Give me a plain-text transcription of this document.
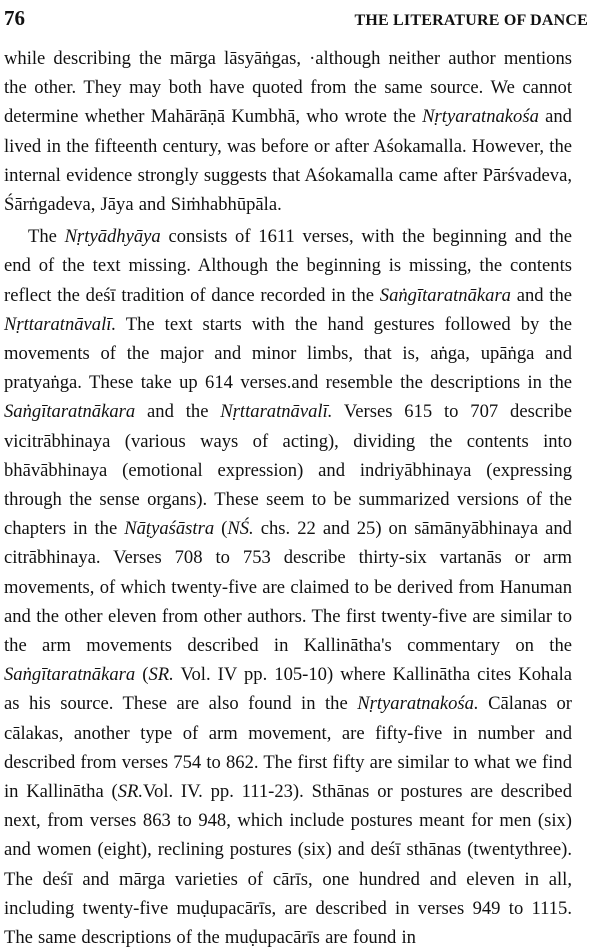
76	THE LITERATURE OF DANCE

while describing the mārga lāsyāṅgas, ·although neither author mentions the other. They may both have quoted from the same source. We cannot determine whether Mahārāṇā Kumbhā, who wrote the Nṛtyaratnakośa and lived in the fifteenth century, was before or after Aśokamalla. However, the internal evidence strongly suggests that Aśokamalla came after Pārśvadeva, Śārṅgadeva, Jāya and Siṁhabhūpāla.

The Nṛtyādhyāya consists of 1611 verses, with the beginning and the end of the text missing. Although the beginning is missing, the contents reflect the deśī tradition of dance recorded in the Saṅgītaratnākara and the Nṛttaratnāvalī. The text starts with the hand gestures followed by the movements of the major and minor limbs, that is, aṅga, upāṅga and pratyaṅga. These take up 614 verses.and resemble the descriptions in the Saṅgītaratnākara and the Nṛttaratnāvalī. Verses 615 to 707 describe vicitrābhinaya (various ways of acting), dividing the contents into bhāvābhinaya (emotional expression) and indriyābhinaya (expressing through the sense organs). These seem to be summarized versions of the chapters in the Nāṭyaśāstra (NŚ. chs. 22 and 25) on sāmānyābhinaya and citrābhinaya. Verses 708 to 753 describe thirty-six vartanās or arm movements, of which twenty-five are claimed to be derived from Hanuman and the other eleven from other authors. The first twenty-five are similar to the arm movements described in Kallinātha's commentary on the Saṅgītaratnākara (SR. Vol. IV pp. 105-10) where Kallinātha cites Kohala as his source. These are also found in the Nṛtyaratnakośa. Cālanas or cālakas, another type of arm movement, are fifty-five in number and described from verses 754 to 862. The first fifty are similar to what we find in Kallinātha (SR.Vol. IV. pp. 111-23). Sthānas or postures are described next, from verses 863 to 948, which include postures meant for men (six) and women (eight), reclining postures (six) and deśī sthānas (twentythree). The deśī and mārga varieties of cārīs, one hundred and eleven in all, including twenty-five muḍupacārīs, are described in verses 949 to 1115. The same descriptions of the muḍupacārīs are found in
